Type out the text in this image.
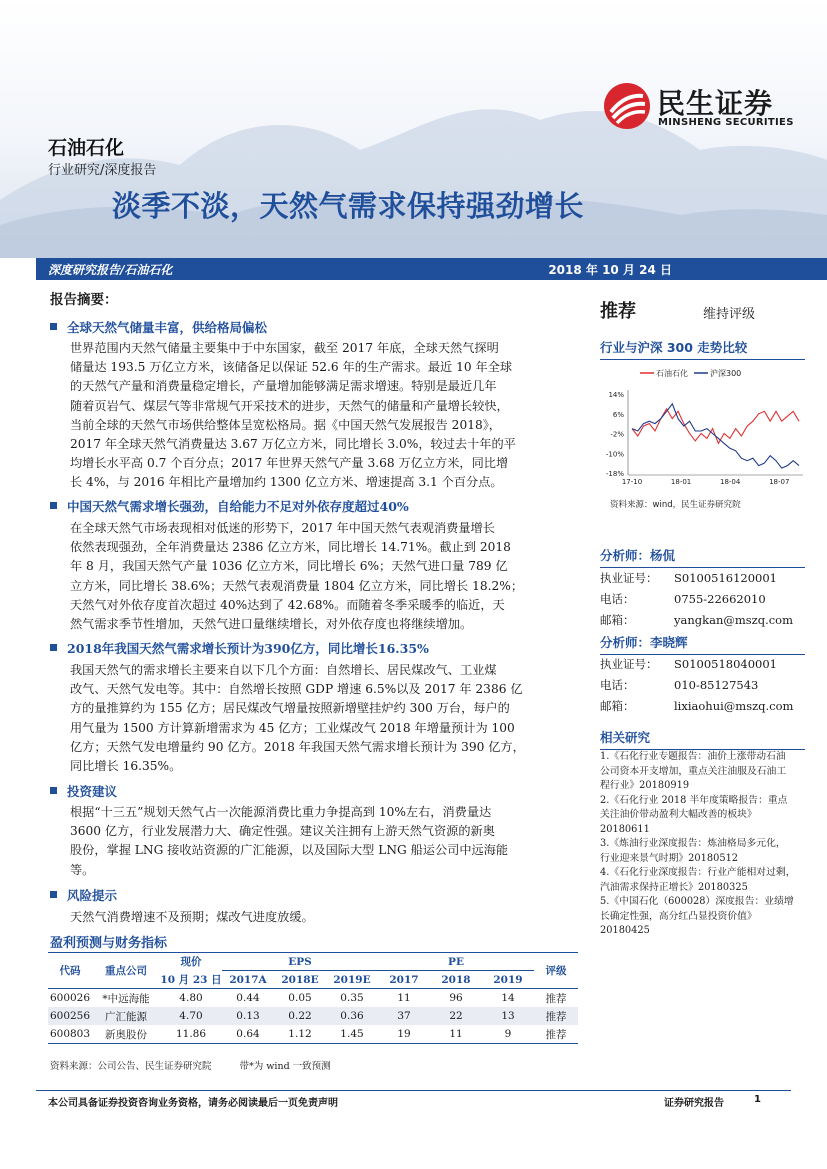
民生证券
MINSHENG SECURITIES
石油石化
行业研究/深度报告
淡季不淡，天然气需求保持强劲增长
深度研究报告/石油石化	2018 年 10 月 24 日
报告摘要：
全球天然气储量丰富，供给格局偏松
世界范围内天然气储量主要集中于中东国家，截至 2017 年底，全球天然气探明
储量达 193.5 万亿立方米，该储备足以保证 52.6 年的生产需求。最近 10 年全球
的天然气产量和消费量稳定增长，产量增加能够满足需求增速。特别是最近几年
随着页岩气、煤层气等非常规气开采技术的进步，天然气的储量和产量增长较快，
当前全球的天然气市场供给整体呈宽松格局。据《中国天然气发展报告 2018》，
2017 年全球天然气消费量达 3.67 万亿立方米，同比增长 3.0%，较过去十年的平
均增长水平高 0.7 个百分点；2017 年世界天然气产量 3.68 万亿立方米，同比增
长 4%，与 2016 年相比产量增加约 1300 亿立方米、增速提高 3.1 个百分点。
中国天然气需求增长强劲，自给能力不足对外依存度超过40%
在全球天然气市场表现相对低迷的形势下，2017 年中国天然气表观消费量增长
依然表现强劲，全年消费量达 2386 亿立方米，同比增长 14.71%。截止到 2018
年 8 月，我国天然气产量 1036 亿立方米，同比增长 6%；天然气进口量 789 亿
立方米，同比增长 38.6%；天然气表观消费量 1804 亿立方米，同比增长 18.2%；
天然气对外依存度首次超过 40%达到了 42.68%。而随着冬季采暖季的临近，天
然气需求季节性增加，天然气进口量继续增长，对外依存度也将继续增加。
2018年我国天然气需求增长预计为390亿方，同比增长16.35%
我国天然气的需求增长主要来自以下几个方面：自然增长、居民煤改气、工业煤
改气、天然气发电等。其中：自然增长按照 GDP 增速 6.5%以及 2017 年 2386 亿
方的量推算约为 155 亿方；居民煤改气增量按照新增壁挂炉约 300 万台，每户的
用气量为 1500 方计算新增需求为 45 亿方；工业煤改气 2018 年增量预计为 100
亿方；天然气发电增量约 90 亿方。2018 年我国天然气需求增长预计为 390 亿方，
同比增长 16.35%。
投资建议
根据“十三五”规划天然气占一次能源消费比重力争提高到 10%左右，消费量达
3600 亿方，行业发展潜力大、确定性强。建议关注拥有上游天然气资源的新奥
股份，掌握 LNG 接收站资源的广汇能源，以及国际大型 LNG 船运公司中远海能
等。
风险提示
天然气消费增速不及预期；煤改气进度放缓。
推荐	维持评级
行业与沪深 300 走势比较
石油石化	沪深300
14%
6%
-2%
-10%
-18%
17-10	18-01	18-04	18-07
资料来源：wind，民生证券研究院
分析师：杨侃
执业证号： S0100516120001
电话：	0755-22662010
邮箱：	yangkan@mszq.com
分析师：李晓辉
执业证号： S0100518040001
电话：	010-85127543
邮箱：	lixiaohui@mszq.com
相关研究
1.《石化行业专题报告：油价上涨带动石油
公司资本开支增加，重点关注油服及石油工
程行业》20180919
2.《石化行业 2018 半年度策略报告：重点
关注油价带动盈利大幅改善的板块》
20180611
3.《炼油行业深度报告：炼油格局多元化，
行业迎来景气时期》20180512
4.《石化行业深度报告：行业产能相对过剩，
汽油需求保持正增长》20180325
5.《中国石化（600028）深度报告：业绩增
长确定性强，高分红凸显投资价值》
20180425
盈利预测与财务指标
代码	重点公司	现价	EPS			PE			评级
		10 月 23 日	2017A	2018E	2019E	2017	2018	2019	
600026	*中远海能	4.80	0.44	0.05	0.35	11	96	14	推荐
600256	广汇能源	4.70	0.13	0.22	0.36	37	22	13	推荐
600803	新奥股份	11.86	0.64	1.12	1.45	19	11	9	推荐
资料来源：公司公告、民生证券研究院	带*为 wind 一致预测
本公司具备证券投资咨询业务资格，请务必阅读最后一页免责声明	证券研究报告	1
